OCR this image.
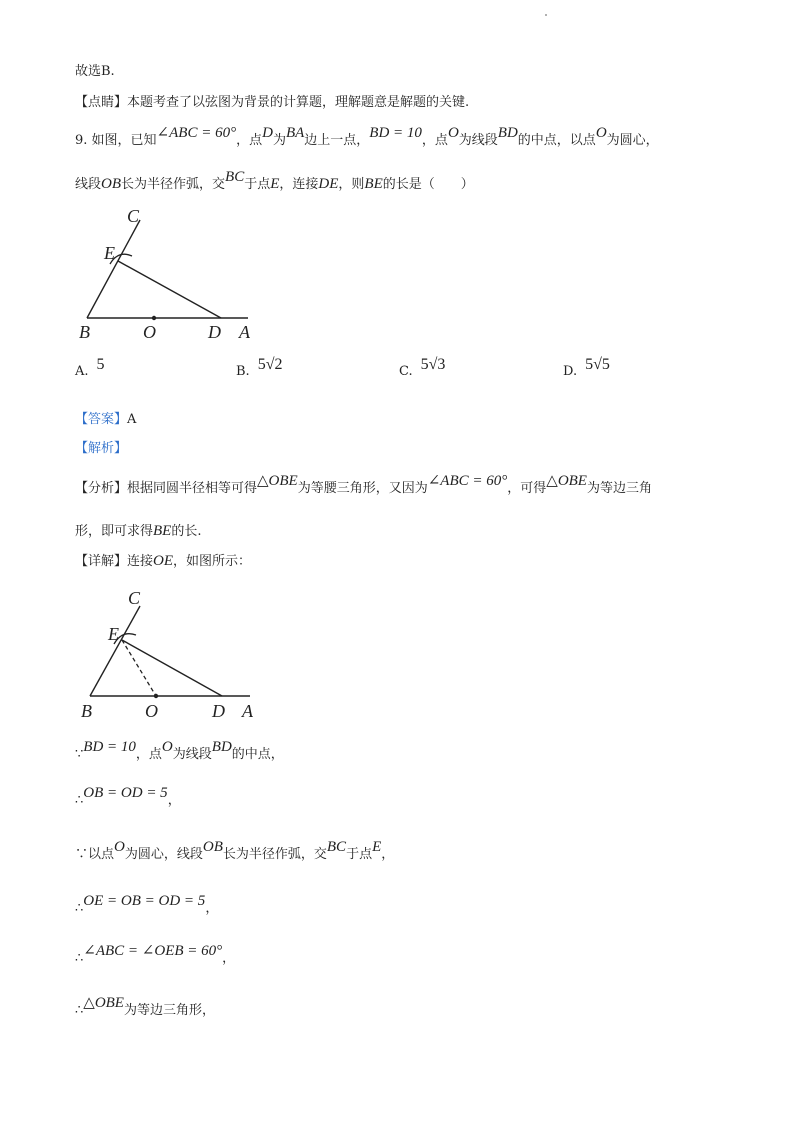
故选B.
【点睛】本题考查了以弦图为背景的计算题，理解题意是解题的关键.
9. 如图，已知∠ABC = 60°，点D为BA边上一点，BD = 10，点O为线段BD的中点，以点O为圆心，
线段OB长为半径作弧，交BC于点E，连接DE，则BE的长是（　　）
C
E
B	O	D A
A. 5	B. 5√2	C. 5√3	D. 5√5
【答案】A
【解析】
【分析】根据同圆半径相等可得△OBE为等腰三角形，又因为∠ABC = 60°，可得△OBE为等边三角
形，即可求得BE的长.
【详解】连接OE，如图所示：
C
E
B	O	D A
∵BD = 10，点O为线段BD的中点，
∴OB = OD = 5，
∵以点O为圆心，线段OB长为半径作弧，交BC于点E，
∴OE = OB = OD = 5，
∴∠ABC = ∠OEB = 60°，
∴△OBE为等边三角形，
